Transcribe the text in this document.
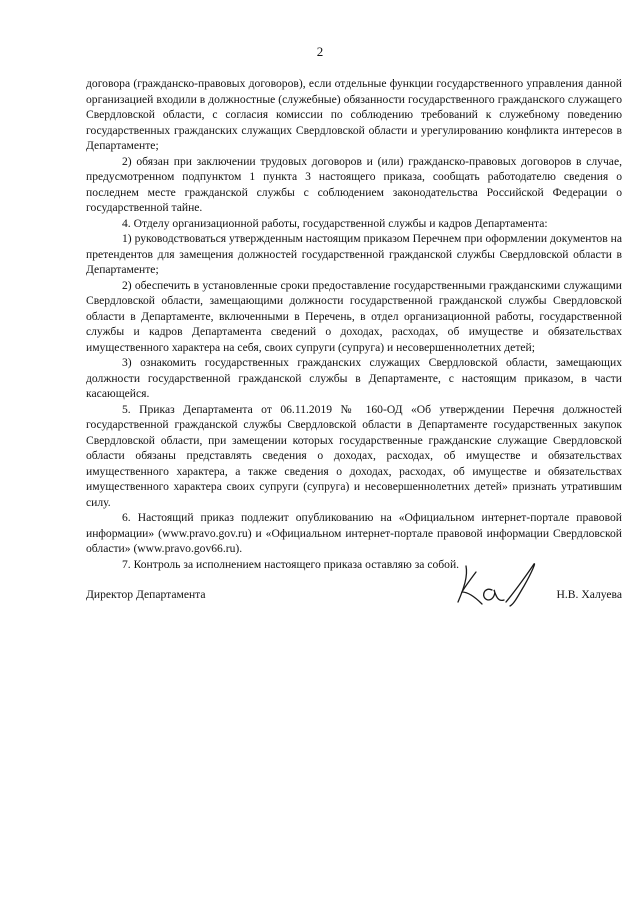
2

договора (гражданско-правовых договоров), если отдельные функции государственного управления данной организацией входили в должностные (служебные) обязанности государственного гражданского служащего Свердловской области, с согласия комиссии по соблюдению требований к служебному поведению государственных гражданских служащих Свердловской области и урегулированию конфликта интересов в Департаменте;

2) обязан при заключении трудовых договоров и (или) гражданско-правовых договоров в случае, предусмотренном подпунктом 1 пункта 3 настоящего приказа, сообщать работодателю сведения о последнем месте гражданской службы с соблюдением законодательства Российской Федерации о государственной тайне.

4. Отделу организационной работы, государственной службы и кадров Департамента:

1) руководствоваться утвержденным настоящим приказом Перечнем при оформлении документов на претендентов для замещения должностей государственной гражданской службы Свердловской области в Департаменте;

2) обеспечить в установленные сроки предоставление государственными гражданскими служащими Свердловской области, замещающими должности государственной гражданской службы Свердловской области в Департаменте, включенными в Перечень, в отдел организационной работы, государственной службы и кадров Департамента сведений о доходах, расходах, об имуществе и обязательствах имущественного характера на себя, своих супруги (супруга) и несовершеннолетних детей;

3) ознакомить государственных гражданских служащих Свердловской области, замещающих должности государственной гражданской службы в Департаменте, с настоящим приказом, в части касающейся.

5. Приказ Департамента от 06.11.2019 № 160-ОД «Об утверждении Перечня должностей государственной гражданской службы Свердловской области в Департаменте государственных закупок Свердловской области, при замещении которых государственные гражданские служащие Свердловской области обязаны представлять сведения о доходах, расходах, об имуществе и обязательствах имущественного характера, а также сведения о доходах, расходах, об имуществе и обязательствах имущественного характера своих супруги (супруга) и несовершеннолетних детей» признать утратившим силу.

6. Настоящий приказ подлежит опубликованию на «Официальном интернет-портале правовой информации» (www.pravo.gov.ru) и «Официальном интернет-портале правовой информации Свердловской области» (www.pravo.gov66.ru).

7. Контроль за исполнением настоящего приказа оставляю за собой.

Директор Департамента	Н.В. Халуева
